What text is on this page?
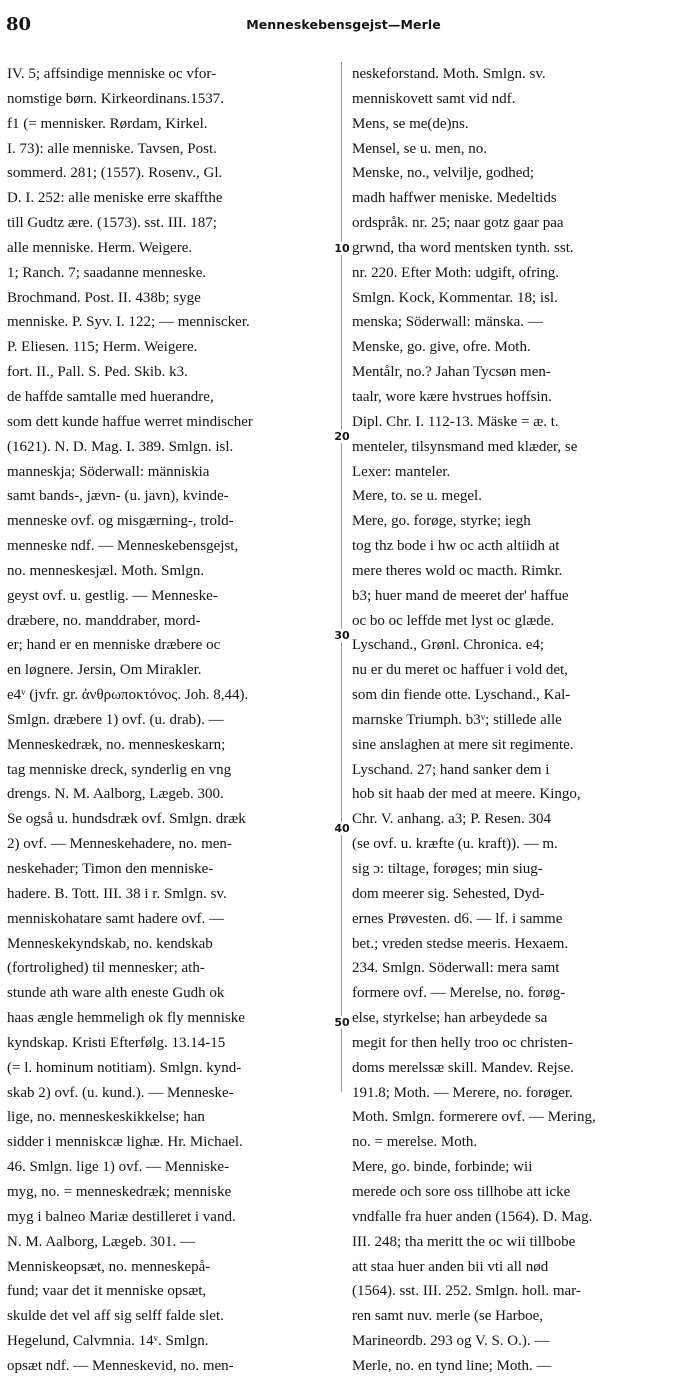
80	Menneskebensgejst—Merle
IV. 5; affsindige menniske oc vfor-
nomstige børn. Kirkeordinans.1537.
f1 (= mennisker. Rørdam, Kirkel.
I. 73): alle menniske. Tavsen, Post.
sommerd. 281; (1557). Rosenv., Gl.
D. I. 252: alle meniske erre skaffthe
till Gudtz ære. (1573). sst. III. 187;
alle menniske. Herm. Weigere.
1; Ranch. 7; saadanne menneske.
Brochmand. Post. II. 438b; syge
menniske. P. Syv. I. 122; — menniscker.
P. Eliesen. 115; Herm. Weigere.
fort. II., Pall. S. Ped. Skib. k3.
de haffde samtalle med huerandre,
som dett kunde haffue werret mindischer
(1621). N. D. Mag. I. 389. Smlgn. isl.
manneskja; Söderwall: människia
samt bands-, jævn- (u. javn), kvinde-
menneske ovf. og misgærning-, trold-
menneske ndf. — Menneskebensgejst,
no. menneskesjæl. Moth. Smlgn.
geyst ovf. u. gestlig. — Menneske-
dræbere, no. manddraber, mord-
er; hand er en menniske dræbere oc
en løgnere. Jersin, Om Mirakler.
e4ᵛ (jvfr. gr. ἀνθρωποκτόνος. Joh. 8,44).
Smlgn. dræbere 1) ovf. (u. drab). —
Menneskedræk, no. menneskeskarn;
tag menniske dreck, synderlig en vng
drengs. N. M. Aalborg, Lægeb. 300.
Se også u. hundsdræk ovf. Smlgn. dræk
2) ovf. — Menneskehadere, no. men-
neskehader; Timon den menniske-
hadere. B. Tott. III. 38 i r. Smlgn. sv.
menniskohatare samt hadere ovf. —
Menneskekyndskab, no. kendskab
(fortrolighed) til mennesker; ath-
stunde ath ware alth eneste Gudh ok
haas ængle hemmeligh ok fly menniske
kyndskap. Kristi Efterfølg. 13.14-15
(= l. hominum notitiam). Smlgn. kynd-
skab 2) ovf. (u. kund.). — Menneske-
lige, no. menneskeskikkelse; han
sidder i menniskcæ lighæ. Hr. Michael.
46. Smlgn. lige 1) ovf. — Menniske-
myg, no. = menneskedræk; menniske
myg i balneo Mariæ destilleret i vand.
N. M. Aalborg, Lægeb. 301. —
Menniskeopsæt, no. menneskepå-
fund; vaar det it menniske opsæt,
skulde det vel aff sig selff falde slet.
Hegelund, Calvmnia. 14ᵛ. Smlgn.
opsæt ndf. — Menneskevid, no. men-
neskeforstand. Moth. Smlgn. sv.
menniskovett samt vid ndf.
Mens, se me(de)ns.
Mensel, se u. men, no.
Menske, no., velvilje, godhed;
madh haffwer meniske. Medeltids
ordspråk. nr. 25; naar gotz gaar paa
grwnd, tha word mentsken tynth. sst.
nr. 220. Efter Moth: udgift, ofring.
Smlgn. Kock, Kommentar. 18; isl.
menska; Söderwall: mänska. —
Menske, go. give, ofre. Moth.
Mentålr, no.? Jahan Tycsøn men-
taalr, wore kære hvstrues hoffsin.
Dipl. Chr. I. 112-13. Mäske = æ. t.
menteler, tilsynsmand med klæder, se
Lexer: manteler.
Mere, to. se u. megel.
Mere, go. forøge, styrke; iegh
tog thz bode i hw oc acth altiidh at
mere theres wold oc macth. Rimkr.
b3; huer mand de meeret der' haffue
oc bo oc leffde met lyst oc glæde.
Lyschand., Grønl. Chronica. e4;
nu er du meret oc haffuer i vold det,
som din fiende otte. Lyschand., Kal-
marnske Triumph. b3ᵛ; stillede alle
sine anslaghen at mere sit regimente.
Lyschand. 27; hand sanker dem i
hob sit haab der med at meere. Kingo,
Chr. V. anhang. a3; P. Resen. 304
(se ovf. u. kræfte (u. kraft)). — m.
sig ɔ: tiltage, forøges; min siug-
dom meerer sig. Sehested, Dyd-
ernes Prøvesten. d6. — lf. i samme
bet.; vreden stedse meeris. Hexaem.
234. Smlgn. Söderwall: mera samt
formere ovf. — Merelse, no. forøg-
else, styrkelse; han arbeydede sa
megit for then helly troo oc christen-
doms merelssæ skill. Mandev. Rejse.
191.8; Moth. — Merere, no. forøger.
Moth. Smlgn. formerere ovf. — Mering,
no. = merelse. Moth.
Mere, go. binde, forbinde; wii
merede och sore oss tillhobe att icke
vndfalle fra huer anden (1564). D. Mag.
III. 248; tha meritt the oc wii tillbobe
att staa huer anden bii vti all nød
(1564). sst. III. 252. Smlgn. holl. mar-
ren samt nuv. merle (se Harboe,
Marineordb. 293 og V. S. O.). —
Merle, no. en tynd line; Moth. —
10
20
30
40
50
